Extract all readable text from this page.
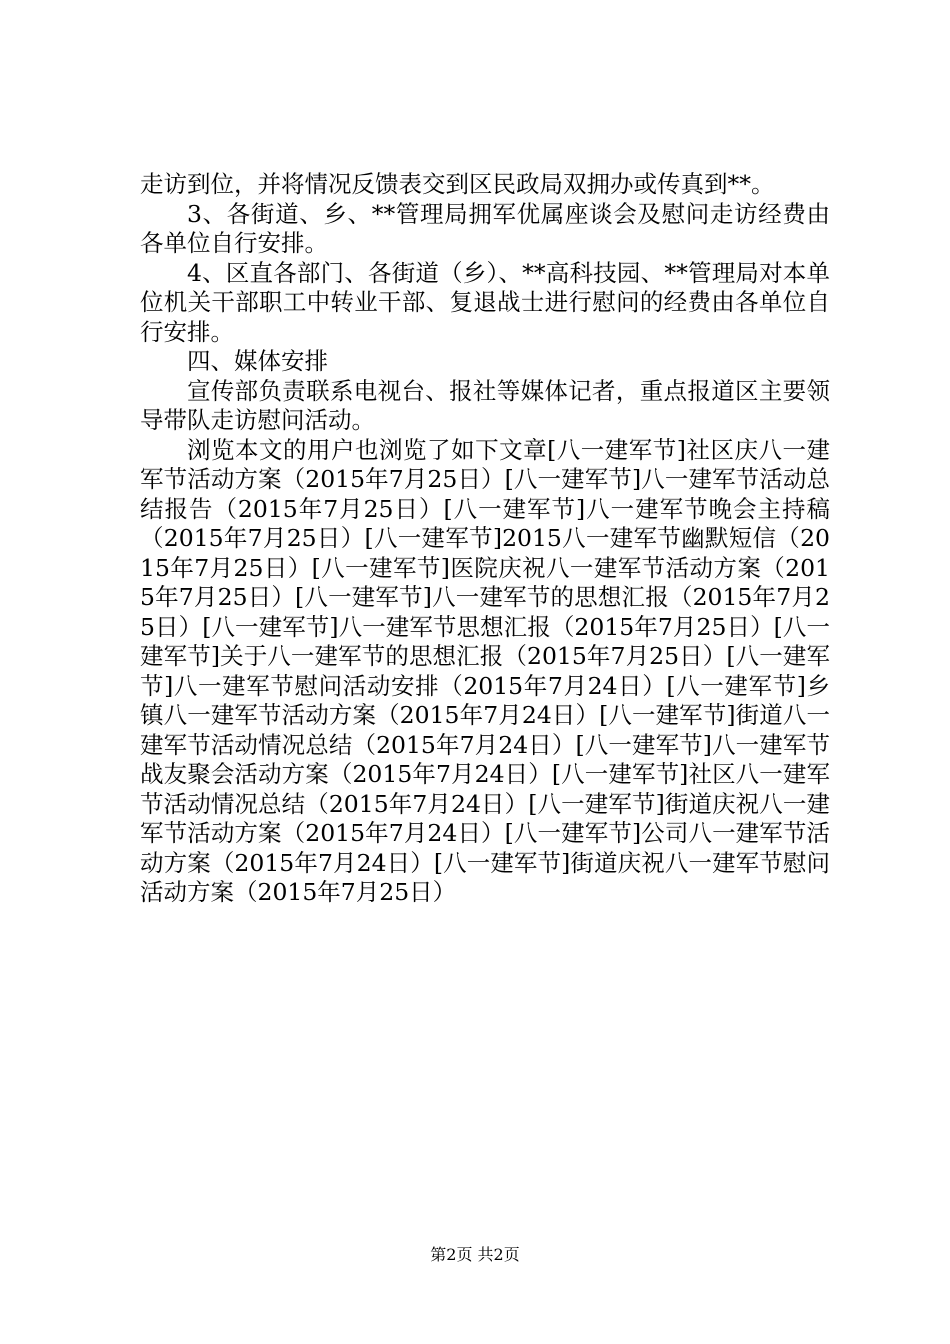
走访到位，并将情况反馈表交到区民政局双拥办或传真到**。

3、各街道、乡、**管理局拥军优属座谈会及慰问走访经费由各单位自行安排。

4、区直各部门、各街道（乡）、**高科技园、**管理局对本单位机关干部职工中转业干部、复退战士进行慰问的经费由各单位自行安排。

四、媒体安排

宣传部负责联系电视台、报社等媒体记者，重点报道区主要领导带队走访慰问活动。

浏览本文的用户也浏览了如下文章[八一建军节]社区庆八一建军节活动方案（2015年7月25日）[八一建军节]八一建军节活动总结报告（2015年7月25日）[八一建军节]八一建军节晚会主持稿（2015年7月25日）[八一建军节]2015八一建军节幽默短信（2015年7月25日）[八一建军节]医院庆祝八一建军节活动方案（2015年7月25日）[八一建军节]八一建军节的思想汇报（2015年7月25日）[八一建军节]八一建军节思想汇报（2015年7月25日）[八一建军节]关于八一建军节的思想汇报（2015年7月25日）[八一建军节]八一建军节慰问活动安排（2015年7月24日）[八一建军节]乡镇八一建军节活动方案（2015年7月24日）[八一建军节]街道八一建军节活动情况总结（2015年7月24日）[八一建军节]八一建军节战友聚会活动方案（2015年7月24日）[八一建军节]社区八一建军节活动情况总结（2015年7月24日）[八一建军节]街道庆祝八一建军节活动方案（2015年7月24日）[八一建军节]公司八一建军节活动方案（2015年7月24日）[八一建军节]街道庆祝八一建军节慰问活动方案（2015年7月25日）

第2页 共2页
